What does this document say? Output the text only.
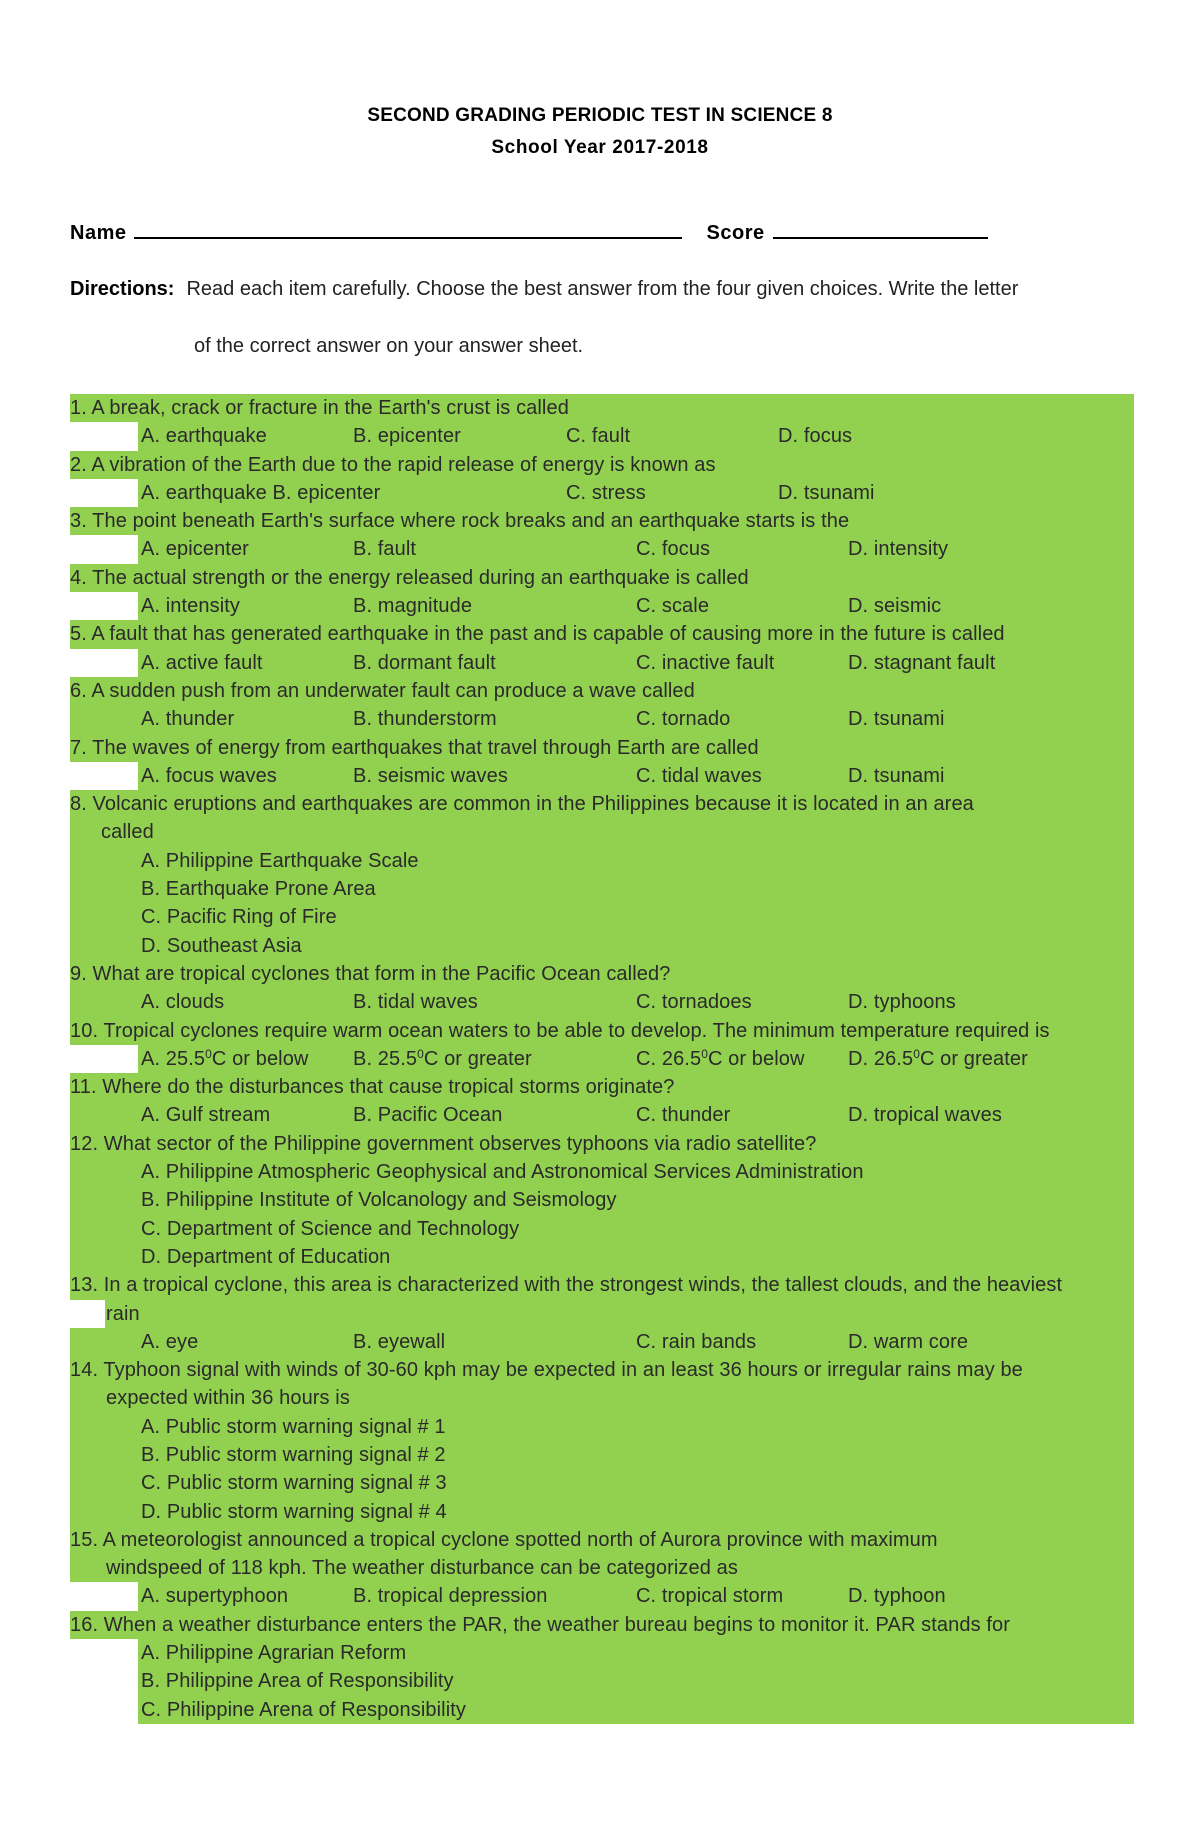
SECOND GRADING PERIODIC TEST IN SCIENCE 8
School Year 2017-2018
Name	Score
Directions: Read each item carefully. Choose the best answer from the four given choices. Write the letter
of the correct answer on your answer sheet.
1. A break, crack or fracture in the Earth's crust is called
A. earthquake	B. epicenter	C. fault	D. focus
2. A vibration of the Earth due to the rapid release of energy is known as
A. earthquake B. epicenter	C. stress	D. tsunami
3. The point beneath Earth's surface where rock breaks and an earthquake starts is the
A. epicenter	B. fault	C. focus	D. intensity
4. The actual strength or the energy released during an earthquake is called
A. intensity	B. magnitude	C. scale	D. seismic
5. A fault that has generated earthquake in the past and is capable of causing more in the future is called
A. active fault	B. dormant fault	C. inactive fault	D. stagnant fault
6. A sudden push from an underwater fault can produce a wave called
A. thunder	B. thunderstorm	C. tornado	D. tsunami
7. The waves of energy from earthquakes that travel through Earth are called
A. focus waves	B. seismic waves	C. tidal waves	D. tsunami
8. Volcanic eruptions and earthquakes are common in the Philippines because it is located in an area
called
A. Philippine Earthquake Scale
B. Earthquake Prone Area
C. Pacific Ring of Fire
D. Southeast Asia
9. What are tropical cyclones that form in the Pacific Ocean called?
A. clouds	B. tidal waves	C. tornadoes	D. typhoons
10. Tropical cyclones require warm ocean waters to be able to develop. The minimum temperature required is
A. 25.5$^0$C or below B. 25.5$^0$C or greater	C. 26.5$^0$C or below D. 26.5$^0$C or greater
11. Where do the disturbances that cause tropical storms originate?
A. Gulf stream	B. Pacific Ocean	C. thunder	D. tropical waves
12. What sector of the Philippine government observes typhoons via radio satellite?
A. Philippine Atmospheric Geophysical and Astronomical Services Administration
B. Philippine Institute of Volcanology and Seismology
C. Department of Science and Technology
D. Department of Education
13. In a tropical cyclone, this area is characterized with the strongest winds, the tallest clouds, and the heaviest
rain
A. eye	B. eyewall	C. rain bands	D. warm core
14. Typhoon signal with winds of 30-60 kph may be expected in an least 36 hours or irregular rains may be
expected within 36 hours is
A. Public storm warning signal # 1
B. Public storm warning signal # 2
C. Public storm warning signal # 3
D. Public storm warning signal # 4
15. A meteorologist announced a tropical cyclone spotted north of Aurora province with maximum
windspeed of 118 kph. The weather disturbance can be categorized as
A. supertyphoon	B. tropical depression	C. tropical storm	D. typhoon
16. When a weather disturbance enters the PAR, the weather bureau begins to monitor it. PAR stands for
A. Philippine Agrarian Reform
B. Philippine Area of Responsibility
C. Philippine Arena of Responsibility
